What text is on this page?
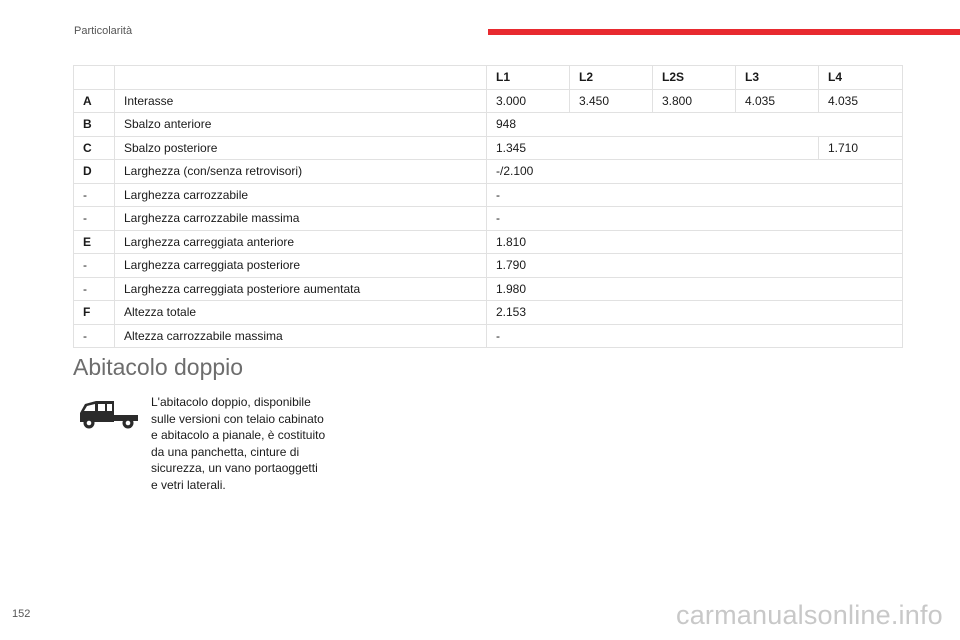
Particolarità
		L1	L2	L2S	L3	L4
A	Interasse	3.000	3.450	3.800	4.035	4.035
B	Sbalzo anteriore	948				
C	Sbalzo posteriore	1.345				1.710
D	Larghezza (con/senza retrovisori)	-/2.100				
-	Larghezza carrozzabile	-				
-	Larghezza carrozzabile massima	-				
E	Larghezza carreggiata anteriore	1.810				
-	Larghezza carreggiata posteriore	1.790				
-	Larghezza carreggiata posteriore aumentata	1.980				
F	Altezza totale	2.153				
-	Altezza carrozzabile massima	-				
Abitacolo doppio
L'abitacolo doppio, disponibile
sulle versioni con telaio cabinato
e abitacolo a pianale, è costituito
da una panchetta, cinture di
sicurezza, un vano portaoggetti
e vetri laterali.
152	carmanualsonline.info
